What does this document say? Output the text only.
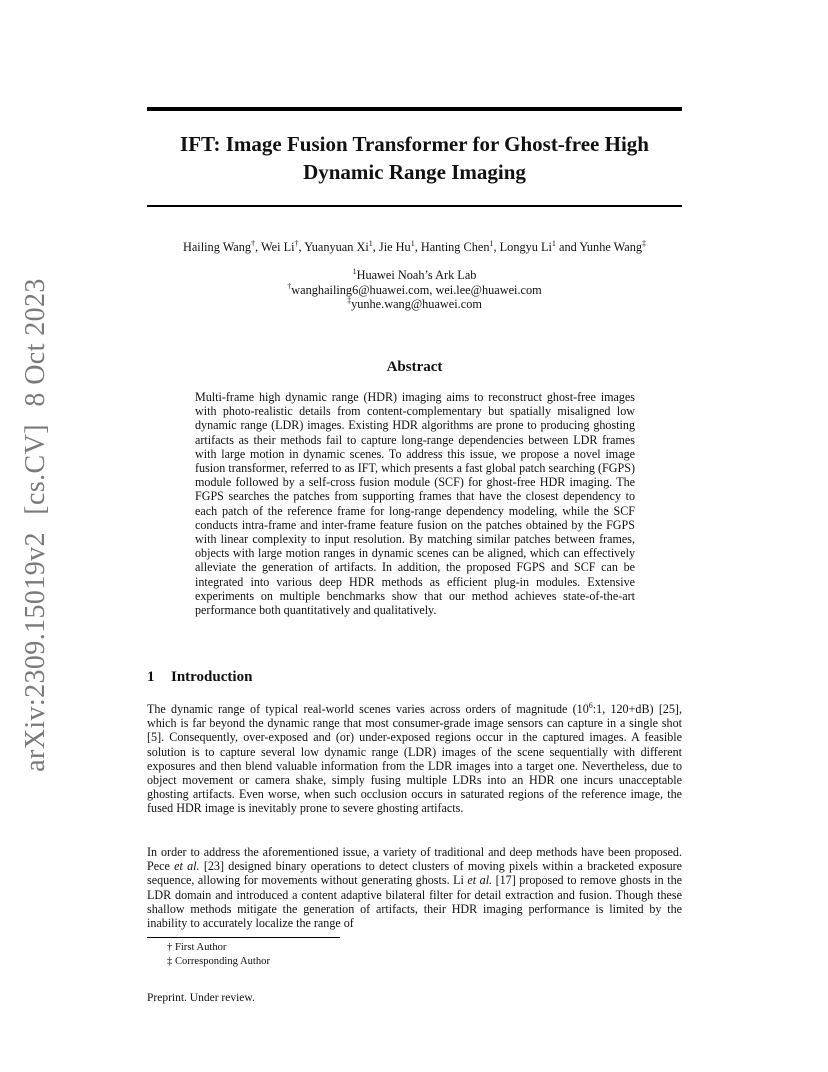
arXiv:2309.15019v2 [cs.CV] 8 Oct 2023
IFT: Image Fusion Transformer for Ghost-free High
Dynamic Range Imaging
Hailing Wang†, Wei Li†, Yuanyuan Xi$^1$, Jie Hu$^1$, Hanting Chen$^1$, Longyu Li$^1$ and Yunhe Wang‡
$^1$Huawei Noah’s Ark Lab
†wanghailing6@huawei.com, wei.lee@huawei.com
‡yunhe.wang@huawei.com
Abstract
Multi-frame high dynamic range (HDR) imaging aims to reconstruct ghost-free images with photo-realistic details from content-complementary but spatially misaligned low dynamic range (LDR) images. Existing HDR algorithms are prone to producing ghosting artifacts as their methods fail to capture long-range dependencies between LDR frames with large motion in dynamic scenes. To address this issue, we propose a novel image fusion transformer, referred to as IFT, which presents a fast global patch searching (FGPS) module followed by a self-cross fusion module (SCF) for ghost-free HDR imaging. The FGPS searches the patches from supporting frames that have the closest dependency to each patch of the reference frame for long-range dependency modeling, while the SCF conducts intra-frame and inter-frame feature fusion on the patches obtained by the FGPS with linear complexity to input resolution. By matching similar patches between frames, objects with large motion ranges in dynamic scenes can be aligned, which can effectively alleviate the generation of artifacts. In addition, the proposed FGPS and SCF can be integrated into various deep HDR methods as efficient plug-in modules. Extensive experiments on multiple benchmarks show that our method achieves state-of-the-art performance both quantitatively and qualitatively.
1 Introduction
The dynamic range of typical real-world scenes varies across orders of magnitude ($10^6:1$, 120+dB) [25], which is far beyond the dynamic range that most consumer-grade image sensors can capture in a single shot [5]. Consequently, over-exposed and (or) under-exposed regions occur in the captured images. A feasible solution is to capture several low dynamic range (LDR) images of the scene sequentially with different exposures and then blend valuable information from the LDR images into a target one. Nevertheless, due to object movement or camera shake, simply fusing multiple LDRs into an HDR one incurs unacceptable ghosting artifacts. Even worse, when such occlusion occurs in saturated regions of the reference image, the fused HDR image is inevitably prone to severe ghosting artifacts.
In order to address the aforementioned issue, a variety of traditional and deep methods have been proposed. Pece et al. [23] designed binary operations to detect clusters of moving pixels within a bracketed exposure sequence, allowing for movements without generating ghosts. Li et al. [17] proposed to remove ghosts in the LDR domain and introduced a content adaptive bilateral filter for detail extraction and fusion. Though these shallow methods mitigate the generation of artifacts, their HDR imaging performance is limited by the inability to accurately localize the range of
† First Author
‡ Corresponding Author
Preprint. Under review.
